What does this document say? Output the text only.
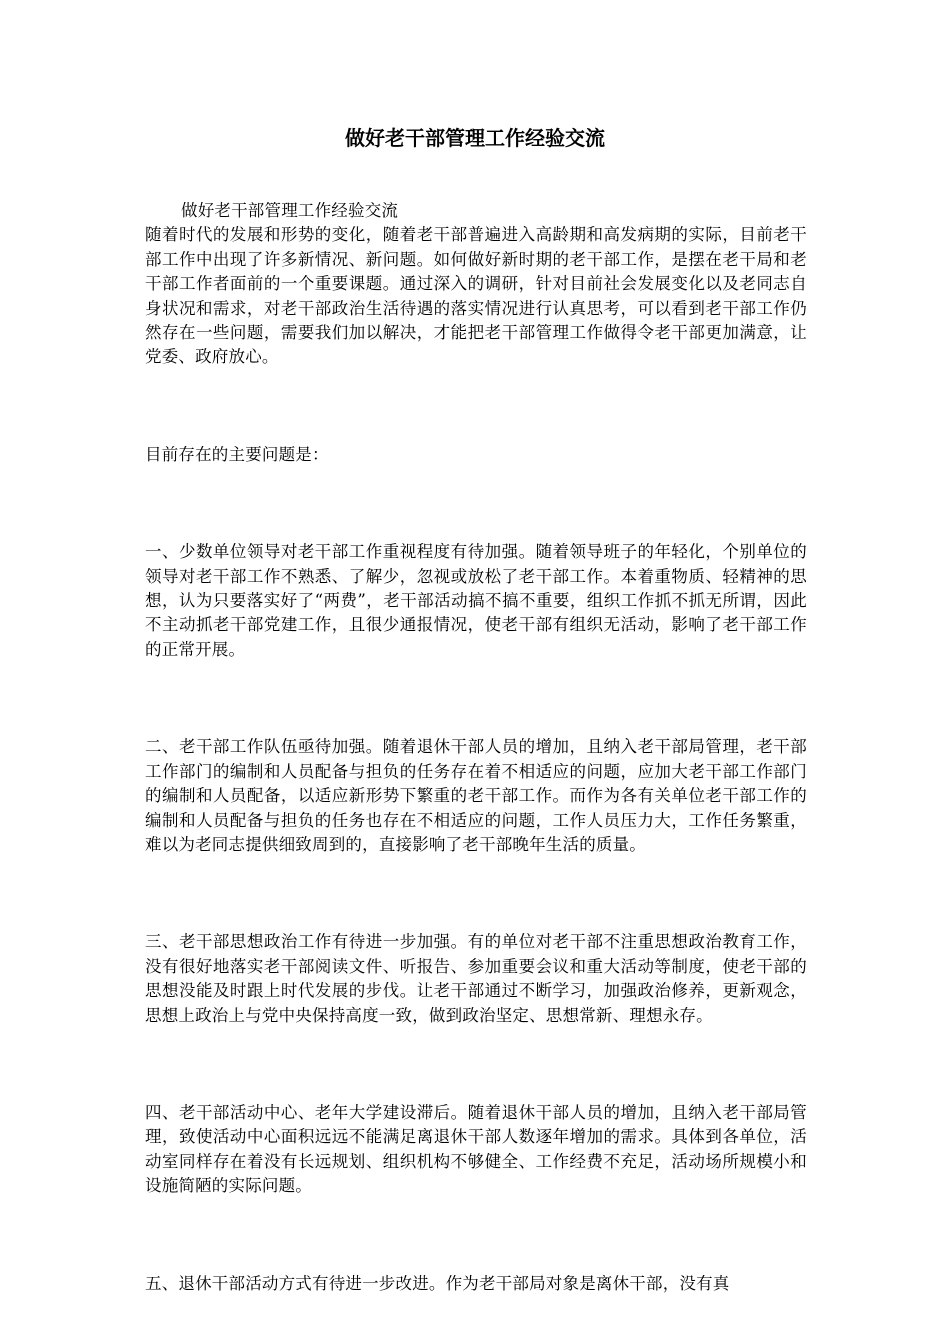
做好老干部管理工作经验交流

做好老干部管理工作经验交流

随着时代的发展和形势的变化，随着老干部普遍进入高龄期和高发病期的实际，目前老干部工作中出现了许多新情况、新问题。如何做好新时期的老干部工作，是摆在老干局和老干部工作者面前的一个重要课题。通过深入的调研，针对目前社会发展变化以及老同志自身状况和需求，对老干部政治生活待遇的落实情况进行认真思考，可以看到老干部工作仍然存在一些问题，需要我们加以解决，才能把老干部管理工作做得令老干部更加满意，让党委、政府放心。

目前存在的主要问题是：

一、少数单位领导对老干部工作重视程度有待加强。随着领导班子的年轻化，个别单位的领导对老干部工作不熟悉、了解少，忽视或放松了老干部工作。本着重物质、轻精神的思想，认为只要落实好了“两费”，老干部活动搞不搞不重要，组织工作抓不抓无所谓，因此不主动抓老干部党建工作，且很少通报情况，使老干部有组织无活动，影响了老干部工作的正常开展。

二、老干部工作队伍亟待加强。随着退休干部人员的增加，且纳入老干部局管理，老干部工作部门的编制和人员配备与担负的任务存在着不相适应的问题，应加大老干部工作部门的编制和人员配备，以适应新形势下繁重的老干部工作。而作为各有关单位老干部工作的编制和人员配备与担负的任务也存在不相适应的问题，工作人员压力大，工作任务繁重，难以为老同志提供细致周到的，直接影响了老干部晚年生活的质量。

三、老干部思想政治工作有待进一步加强。有的单位对老干部不注重思想政治教育工作，没有很好地落实老干部阅读文件、听报告、参加重要会议和重大活动等制度，使老干部的思想没能及时跟上时代发展的步伐。让老干部通过不断学习，加强政治修养，更新观念，思想上政治上与党中央保持高度一致，做到政治坚定、思想常新、理想永存。

四、老干部活动中心、老年大学建设滞后。随着退休干部人员的增加，且纳入老干部局管理，致使活动中心面积远远不能满足离退休干部人数逐年增加的需求。具体到各单位，活动室同样存在着没有长远规划、组织机构不够健全、工作经费不充足，活动场所规模小和设施简陋的实际问题。

五、退休干部活动方式有待进一步改进。作为老干部局对象是离休干部，没有真
